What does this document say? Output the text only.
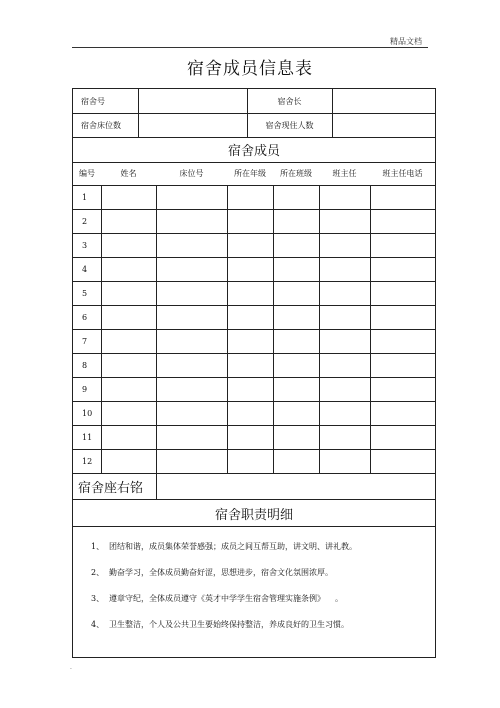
精品文档
宿舍成员信息表
宿舍号	宿舍长
宿舍床位数	宿舍现住人数
宿舍成员
编号	姓名	床位号	所在年级	所在班级	班主任	班主任电话
1
2
3
4
5
6
7
8
9
10
11
12
宿舍座右铭
宿舍职责明细
1、 团结和谐，成员集体荣誉感强；成员之间互帮互助，讲文明、讲礼教。
2、 勤奋学习，全体成员勤奋好涩，思想进步，宿舍文化氛围浓厚。
3、 遵章守纪，全体成员遵守《英才中学学生宿舍管理实施条例》 。
4、 卫生整洁，个人及公共卫生要始终保持整洁，养成良好的卫生习惯。
.
